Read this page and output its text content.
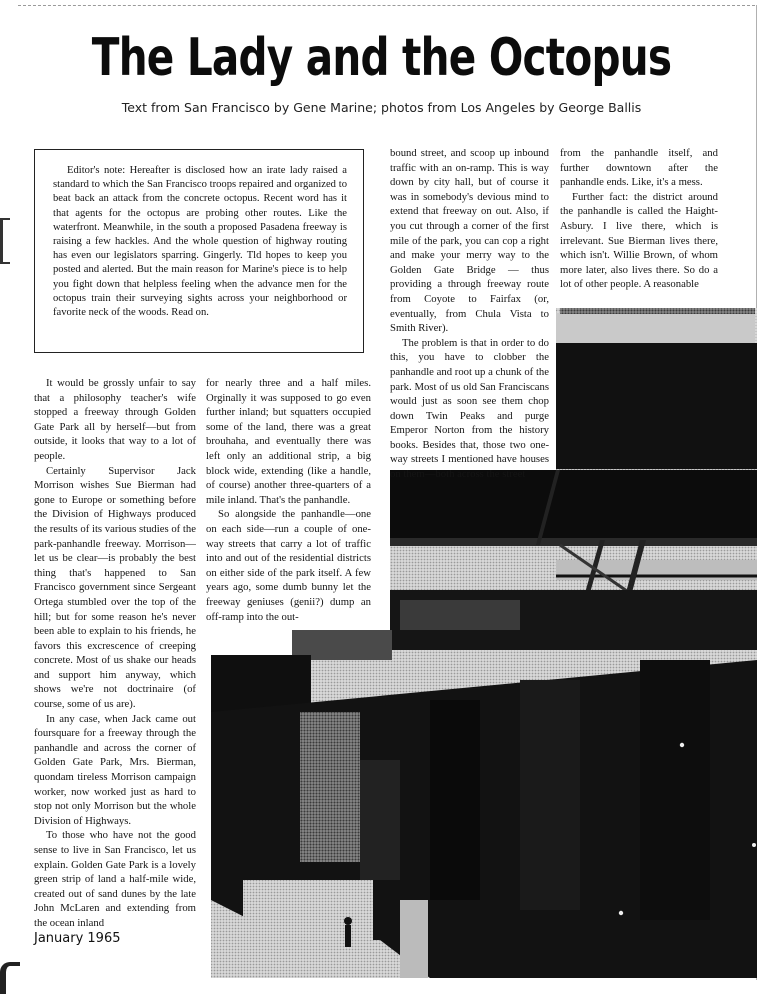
The Lady and the Octopus
Text from San Francisco by Gene Marine; photos from Los Angeles by George Ballis
Editor's note: Hereafter is disclosed how an irate lady raised a standard to which the San Francisco troops repaired and organized to beat back an attack from the concrete octopus. Recent word has it that agents for the octopus are probing other routes. Like the waterfront. Meanwhile, in the south a proposed Pasadena freeway is raising a few hackles. And the whole question of highway routing has even our legislators sparring. Gingerly. Tld hopes to keep you posted and alerted. But the main reason for Marine's piece is to help you fight down that helpless feeling when the advance men for the octopus train their surveying sights across your neighborhood or favorite neck of the woods. Read on.

It would be grossly unfair to say that a philosophy teacher's wife stopped a freeway through Golden Gate Park all by herself—but from outside, it looks that way to a lot of people.

Certainly Supervisor Jack Morrison wishes Sue Bierman had gone to Europe or something before the Division of Highways produced the results of its various studies of the park-panhandle freeway. Morrison—let us be clear—is probably the best thing that's happened to San Francisco government since Sergeant Ortega stumbled over the top of the hill; but for some reason he's never been able to explain to his friends, he favors this excrescence of creeping concrete. Most of us shake our heads and support him anyway, which shows we're not doctrinaire (of course, some of us are).

In any case, when Jack came out foursquare for a freeway through the panhandle and across the corner of Golden Gate Park, Mrs. Bierman, quondam tireless Morrison campaign worker, now worked just as hard to stop not only Morrison but the whole Division of Highways.

To those who have not the good sense to live in San Francisco, let us explain. Golden Gate Park is a lovely green strip of land a half-mile wide, created out of sand dunes by the late John McLaren and extending from the ocean inland

for nearly three and a half miles. Orginally it was supposed to go even further inland; but squatters occupied some of the land, there was a great brouhaha, and eventually there was left only an additional strip, a big block wide, extending (like a handle, of course) another three-quarters of a mile inland. That's the panhandle.

So alongside the panhandle—one on each side—run a couple of one-way streets that carry a lot of traffic into and out of the residential districts on either side of the park itself. A few years ago, some dumb bunny let the freeway geniuses (genii?) dump an off-ramp into the out-

bound street, and scoop up inbound traffic with an on-ramp. This is way down by city hall, but of course it was in somebody's devious mind to extend that freeway on out. Also, if you cut through a corner of the first mile of the park, you can cop a right and make your merry way to the Golden Gate Bridge — thus providing a through freeway route from Coyote to Fairfax (or, eventually, from Chula Vista to Smith River).

The problem is that in order to do this, you have to clobber the panhandle and root up a chunk of the park. Most of us old San Franciscans would just as soon see them chop down Twin Peaks and purge Emperor Norton from the history books. Besides that, those two one-way streets I mentioned have houses on them—both across the street

from the panhandle itself, and further downtown after the panhandle ends. Like, it's a mess.

Further fact: the district around the panhandle is called the Haight-Asbury. I live there, which is irrelevant. Sue Bierman lives there, which isn't. Willie Brown, of whom more later, also lives there. So do a lot of other people. A reasonable

January 1965
